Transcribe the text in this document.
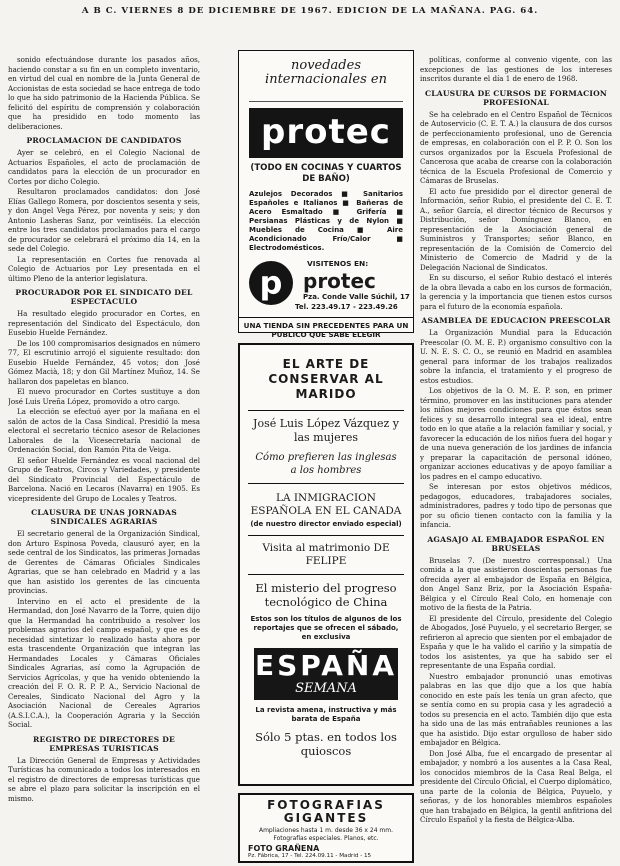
A B C. VIERNES 8 DE DICIEMBRE DE 1967. EDICION DE LA MAÑANA. PAG. 64.

sonido efectuándose durante los pasados años, haciendo constar a su fin en un completo inventario, en virtud del cual en nombre de la Junta General de Accionistas de esta sociedad se hace entrega de todo lo que ha sido patrimonio de la Hacienda Pública. Se felicitó del espíritu de comprensión y colaboración que ha presidido en todo momento las deliberaciones.

PROCLAMACION DE CANDIDATOS

Ayer se celebró, en el Colegio Nacional de Actuarios Españoles, el acto de proclamación de candidatos para la elección de un procurador en Cortes por dicho Colegio.

Resultaron proclamados candidatos: don José Elías Gallego Romera, por doscientos sesenta y seis, y don Angel Vega Pérez, por noventa y seis; y don Antonio Lasheras Sanz, por veintiséis. La elección entre los tres candidatos proclamados para el cargo de procurador se celebrará el próximo día 14, en la sede del Colegio.

La representación en Cortes fue renovada al Colegio de Actuarios por Ley presentada en el último Pleno de la anterior legislatura.

PROCURADOR POR EL SINDICATO DEL ESPECTACULO

Ha resultado elegido procurador en Cortes, en representación del Sindicato del Espectáculo, don Eusebio Huelde Fernández.

De los 100 compromisarios designados en número 77, El escrutinio arrojó el siguiente resultado: don Eusebio Huelde Fernández, 45 votos; don José Gómez Macià, 18; y don Gil Martínez Muñoz, 14. Se hallaron dos papeletas en blanco.

El nuevo procurador en Cortes sustituye a don José Luis Ureña López, promovido a otro cargo.

La elección se efectuó ayer por la mañana en el salón de actos de la Casa Sindical. Presidió la mesa electoral el secretario técnico asesor de Relaciones Laborales de la Vicesecretaría nacional de Ordenación Social, don Ramón Pita de Veiga.

El señor Huelde Fernández es vocal nacional del Grupo de Teatros, Circos y Variedades, y presidente del Sindicato Provincial del Espectáculo de Barcelona. Nació en Lecaros (Navarra) en 1905. Es vicepresidente del Grupo de Locales y Teatros.

CLAUSURA DE UNAS JORNADAS SINDICALES AGRARIAS

El secretario general de la Organización Sindical, don Arturo Espinosa Poveda, clausuró ayer, en la sede central de los Sindicatos, las primeras Jornadas de Gerentes de Cámaras Oficiales Sindicales Agrarias, que se han celebrado en Madrid y a las que han asistido los gerentes de las cincuenta provincias.

Intervino en el acto el presidente de la Hermandad, don José Navarro de la Torre, quien dijo que la Hermandad ha contribuido a resolver los problemas agrarios del campo español, y que es de necesidad sintetizar lo realizado hasta ahora por esta trascendente Organización que integran las Hermandades Locales y Cámaras Oficiales Sindicales Agrarias, así como la Agrupación de Servicios Agrícolas, y que ha venido obteniendo la creación del F. O. R. P. P. A., Servicio Nacional de Cereales, Sindicato Nacional del Agro y la Asociación Nacional de Cereales Agrarios (A.S.I.C.A.), la Cooperación Agraria y la Sección Social.

REGISTRO DE DIRECTORES DE EMPRESAS TURISTICAS

La Dirección General de Empresas y Actividades Turísticas ha comunicado a todos los interesados en el registro de directores de empresas turísticas que se abre el plazo para solicitar la inscripción en el mismo.

novedades internacionales en
protec
(TODO EN COCINAS Y CUARTOS DE BAÑO)
Azulejos Decorados ■ Sanitarios Españoles e Italianos ■ Bañeras de Acero Esmaltado ■ Grifería ■ Persianas Plásticas y de Nylon ■ Muebles de Cocina ■ Aire Acondicionado Frío/Calor ■ Electrodomésticos.
p
VISITENOS EN:
protec
Pza. Conde Valle Súchil, 17
Tel. 223.49.17 - 223.49.26
UNA TIENDA SIN PRECEDENTES PARA UN PUBLICO QUE SABE ELEGIR
EL ARTE DE CONSERVAR AL MARIDO
José Luis López Vázquez y las mujeres
Cómo prefieren las inglesas a los hombres
LA INMIGRACION ESPAÑOLA EN EL CANADA
(de nuestro director enviado especial)
Visita al matrimonio DE FELIPE
El misterio del progreso tecnológico de China
Estos son los títulos de algunos de los reportajes que se ofrecen el sábado, en exclusiva
ESPAÑA
SEMANA
La revista amena, instructiva y más barata de España
Sólo 5 ptas. en todos los quioscos
FOTOGRAFIAS
GIGANTES
Ampliaciones hasta 1 m. desde 36 x 24 mm. Fotografías especiales. Planos, etc.
FOTO GRAÑENA
Pz. Fábrica, 17 - Tel. 224.09.11 - Madrid - 15

políticas, conforme al convenio vigente, con las excepciones de las gestiones de los intereses inscritos durante el día 1 de enero de 1968.

CLAUSURA DE CURSOS DE FORMACION PROFESIONAL

Se ha celebrado en el Centro Español de Técnicos de Autoservicio (C. E. T. A.) la clausura de dos cursos de perfeccionamiento profesional, uno de Gerencia de empresas, en colaboración con el P. P. O. Son los cursos organizados por la Escuela Profesional de Cancerosa que acaba de crearse con la colaboración técnica de la Escuela Profesional de Comercio y Cámaras de Bruselas.

El acto fue presidido por el director general de Información, señor Rubio, el presidente del C. E. T. A., señor García, el director técnico de Recursos y Distribución, señor Domínguez Blanco, en representación de la Asociación general de Suministros y Transportes; señor Blanco, en representación de la Comisión de Comercio del Ministerio de Comercio de Madrid y de la Delegación Nacional de Sindicatos.

En su discurso, el señor Rubio destacó el interés de la obra llevada a cabo en los cursos de formación, la gerencia y la importancia que tienen estos cursos para el futuro de la economía española.

ASAMBLEA DE EDUCACION PREESCOLAR

La Organización Mundial para la Educación Preescolar (O. M. E. P.) organismo consultivo con la U. N. E. S. C. O., se reunió en Madrid en asamblea general para informar de los trabajos realizados sobre la infancia, el tratamiento y el progreso de estos estudios.

Los objetivos de la O. M. E. P. son, en primer término, promover en las instituciones para atender los niños mejores condiciones para que éstos sean felices y su desarrollo integral sea el ideal, entre todo en lo que atañe a la relación familiar y social, y favorecer la educación de los niños fuera del hogar y de una nueva generación de los jardines de infancia y preparar la capacitación de personal idóneo, organizar acciones educativas y de apoyo familiar a los padres en el campo educativo.

Se interesan por estos objetivos médicos, pedagogos, educadores, trabajadores sociales, administradores, padres y todo tipo de personas que por su oficio tienen contacto con la familia y la infancia.

AGASAJO AL EMBAJADOR ESPAÑOL EN BRUSELAS

Bruselas 7. (De nuestro corresponsal.) Una comida a la que asistieron doscientas personas fue ofrecida ayer al embajador de España en Bélgica, don Angel Sanz Briz, por la Asociación España-Bélgica y el Círculo Real Colo, en homenaje con motivo de la fiesta de la Patria.

El presidente del Círculo, presidente del Colegio de Abogados, José Puyuelo, y el secretario Berger, se refirieron al aprecio que sienten por el embajador de España y que le ha valido el cariño y la simpatía de todos los asistentes, ya que ha sabido ser el representante de una España cordial.

Nuestro embajador pronunció unas emotivas palabras en las que dijo que a los que había conocido en este país les tenía un gran afecto, que se sentía como en su propia casa y les agradeció a todos su presencia en el acto. También dijo que esta ha sido una de las más entrañables reuniones a las que ha asistido. Dijo estar orgulloso de haber sido embajador en Bélgica.

Don José Alba, fue el encargado de presentar al embajador, y nombró a los ausentes a la Casa Real, los conocidos miembros de la Casa Real Belga, el presidente del Círculo Oficial, el Cuerpo diplomático, una parte de la colonia de Bélgica, Puyuelo, y señoras, y de los honorables miembros españoles que han trabajado en Bélgica, la gentil anfitriona del Círculo Español y la fiesta de Bélgica-Alba.
